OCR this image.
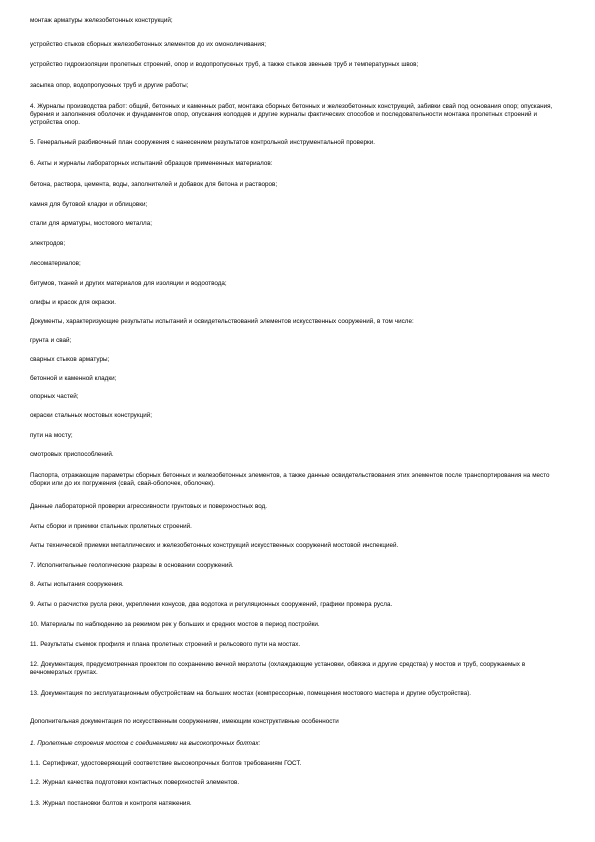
монтаж арматуры железобетонных конструкций;

устройство стыков сборных железобетонных элементов до их омоноличивания;

устройство гидроизоляции пролетных строений, опор и водопропускных труб, а также стыков звеньев труб и температурных швов;

засыпка опор, водопропускных труб и другие работы;

4. Журналы производства работ: общий, бетонных и каменных работ, монтажа сборных бетонных и железобетонных конструкций, забивки свай под основания опор; опускания, бурения и заполнения оболочек и фундаментов опор, опускания колодцев и другие журналы фактических способов и последовательности монтажа пролетных строений и устройства опор.

5. Генеральный разбивочный план сооружения с нанесением результатов контрольной инструментальной проверки.

6. Акты и журналы лабораторных испытаний образцов примененных материалов:

бетона, раствора, цемента, воды, заполнителей и добавок для бетона и растворов;

камня для бутовой кладки и облицовки;

стали для арматуры, мостового металла;

электродов;

лесоматериалов;

битумов, тканей и других материалов для изоляции и водоотвода;

олифы и красок для окраски.

Документы, характеризующие результаты испытаний и освидетельствований элементов искусственных сооружений, в том числе:

грунта и свай;

сварных стыков арматуры;

бетонной и каменной кладки;

опорных частей;

окраски стальных мостовых конструкций;

пути на мосту;

смотровых приспособлений.

Паспорта, отражающие параметры сборных бетонных и железобетонных элементов, а также данные освидетельствования этих элементов после транспортирования на место сборки или до их погружения (свай, свай-оболочек, оболочек).

Данные лабораторной проверки агрессивности грунтовых и поверхностных вод.

Акты сборки и приемки стальных пролетных строений.

Акты технической приемки металлических и железобетонных конструкций искусственных сооружений мостовой инспекцией.

7. Исполнительные геологические разрезы в основании сооружений.

8. Акты испытания сооружения.

9. Акты о расчистке русла реки, укреплении конусов, два водотока и регуляционных сооружений, графики промера русла.

10. Материалы по наблюдению за режимом рек у больших и средних мостов в период постройки.

11. Результаты съемок профиля и плана пролетных строений и рельсового пути на мостах.

12. Документация, предусмотренная проектом по сохранению вечной мерзлоты (охлаждающие установки, обвязка и другие средства) у мостов и труб, сооружаемых в вечномерзлых грунтах.

13. Документация по эксплуатационным обустройствам на больших мостах (компрессорные, помещения мостового мастера и другие обустройства).

Дополнительная документация по искусственным сооружениям, имеющим конструктивные особенности

1. Пролетные строения мостов с соединениями на высокопрочных болтах:

1.1. Сертификат, удостоверяющий соответствие высокопрочных болтов требованиям ГОСТ.

1.2. Журнал качества подготовки контактных поверхностей элементов.

1.3. Журнал постановки болтов и контроля натяжения.
